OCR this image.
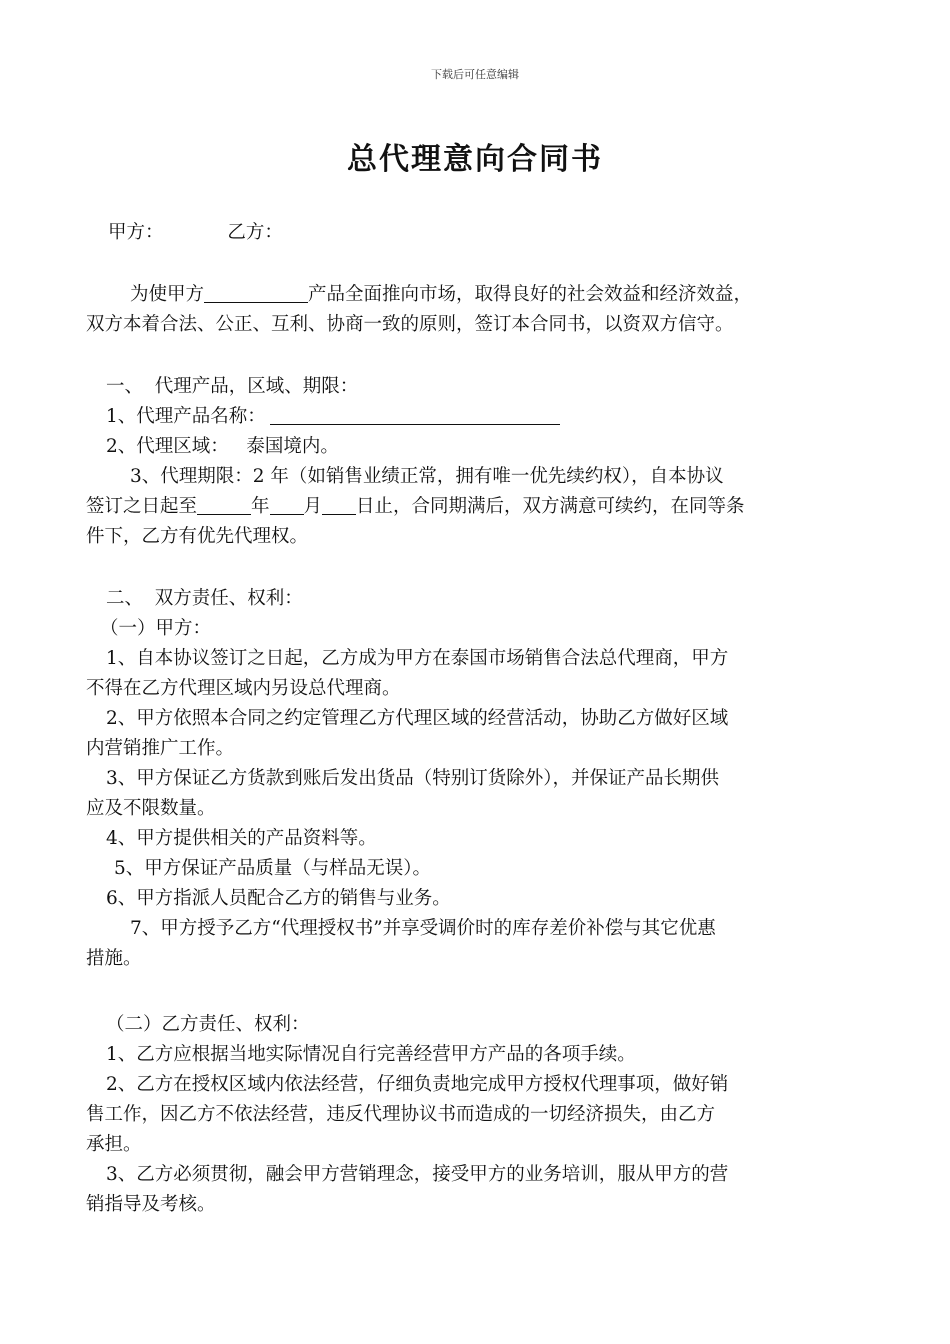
下载后可任意编辑
总代理意向合同书
甲方：	乙方：
为使甲方	产品全面推向市场，取得良好的社会效益和经济效益，
双方本着合法、公正、互利、协商一致的原则，签订本合同书，以资双方信守。
一、  代理产品，区域、期限：
1、代理产品名称：
2、代理区域：   泰国境内。
3、代理期限：2 年（如销售业绩正常，拥有唯一优先续约权），自本协议
签订之日起至	年 月 日止，合同期满后，双方满意可续约，在同等条
件下，乙方有优先代理权。
二、  双方责任、权利：
（一）甲方：
1、自本协议签订之日起，乙方成为甲方在泰国市场销售合法总代理商，甲方
不得在乙方代理区域内另设总代理商。
2、甲方依照本合同之约定管理乙方代理区域的经营活动，协助乙方做好区域
内营销推广工作。
3、甲方保证乙方货款到账后发出货品（特别订货除外），并保证产品长期供
应及不限数量。
4、甲方提供相关的产品资料等。
5、甲方保证产品质量（与样品无误）。
6、甲方指派人员配合乙方的销售与业务。
7、甲方授予乙方“代理授权书”并享受调价时的库存差价补偿与其它优惠
措施。
（二）乙方责任、权利：
1、乙方应根据当地实际情况自行完善经营甲方产品的各项手续。
2、乙方在授权区域内依法经营，仔细负责地完成甲方授权代理事项，做好销
售工作，因乙方不依法经营，违反代理协议书而造成的一切经济损失，由乙方
承担。
3、乙方必须贯彻，融会甲方营销理念，接受甲方的业务培训，服从甲方的营
销指导及考核。
